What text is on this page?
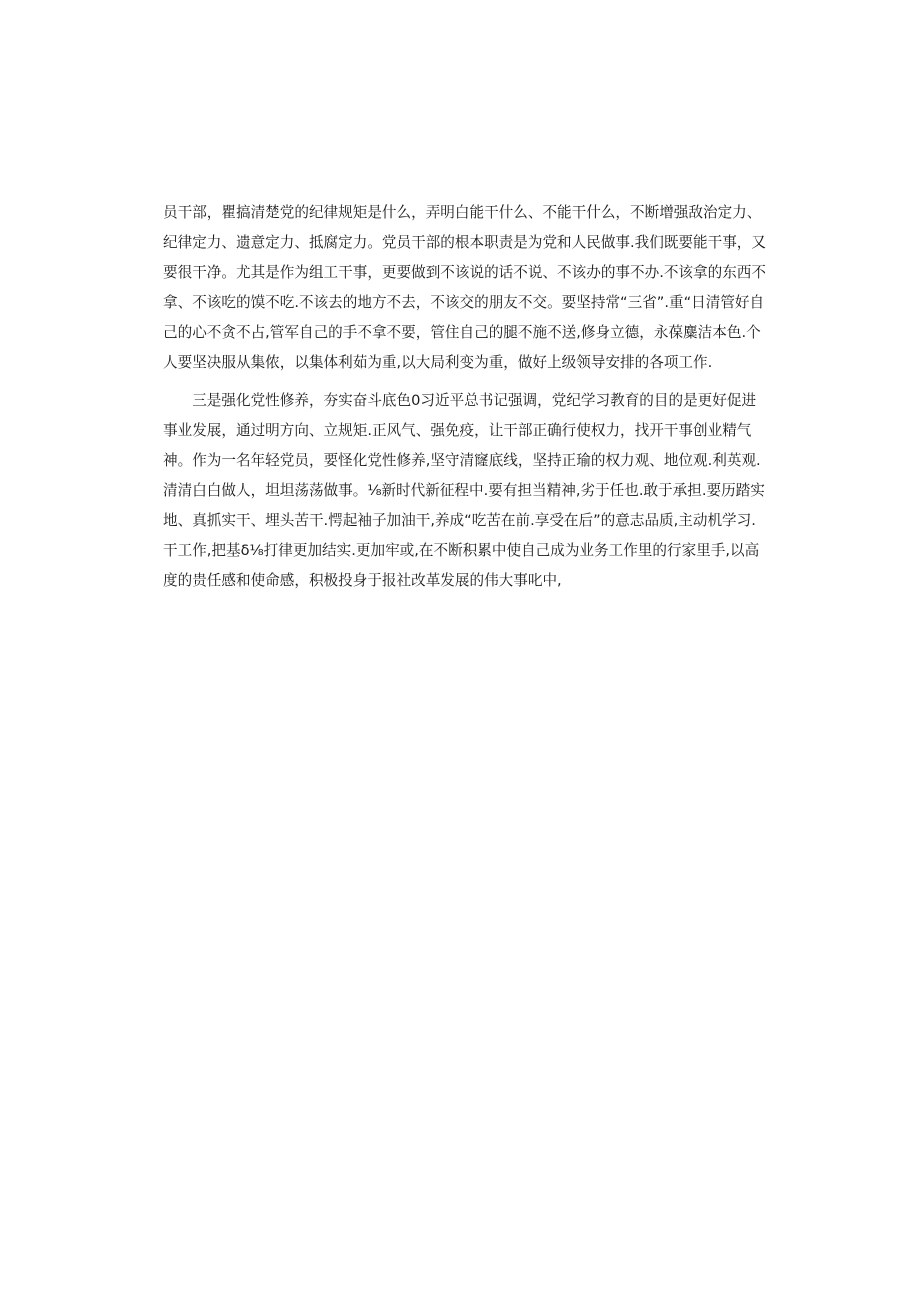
员干部，瞿搞清楚党的纪律规矩是什么，弄明白能干什么、不能干什么，不断增强敌治定力、纪律定力、遗意定力、抵腐定力。党员干部的根本职责是为党和人民做事.我们既要能干事，又要很干净。尤其是作为组工干事，更要做到不该说的话不说、不该办的事不办.不该拿的东西不拿、不该吃的馍不吃.不该去的地方不去，不该交的朋友不交。要坚持常“三省”.重“日清管好自己的心不贪不占,管军自己的手不拿不要，管住自己的腿不施不送,修身立德，永葆麋洁本色.个人要坚决服从集侬，以集体利茹为重,以大局利变为重，做好上级领导安排的各项工作.

三是强化党性修养，夯实奋斗底色0习近平总书记强调，党纪学习教育的目的是更好促进事业发展，通过明方向、立规矩.正风气、强免疫，让干部正确行使权力，找开干事创业精气神。作为一名年轻党员，要怪化党性修养,坚守清窿底线，坚持正瑜的权力观、地位观.利英观.清清白白做人，坦坦荡荡做事。⅛新时代新征程中.要有担当精神,劣于任也.敢于承担.要历踏实地、真抓实干、埋头苦干.愕起袖子加油干,养成“吃苦在前.享受在后”的意志品质,主动机学习.干工作,把基δ⅛打律更加结实.更加牢或,在不断积累中使自己成为业务工作里的行家里手,以高度的贵任感和使命感，积极投身于报社改革发展的伟大事叱中,
